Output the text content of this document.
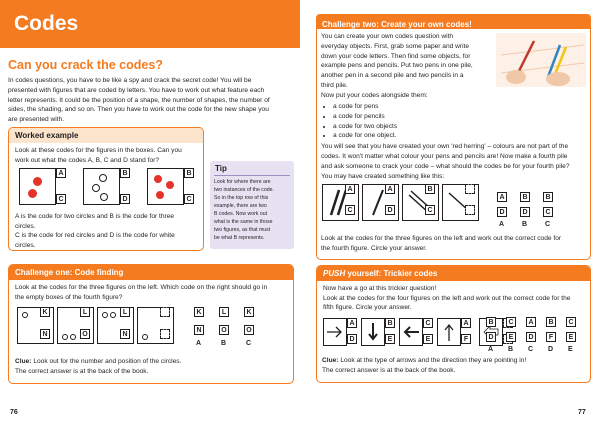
Codes
Can you crack the codes?
In codes questions, you have to be like a spy and crack the secret code! You will be
presented with figures that are coded by letters. You have to work out what feature each
letter represents. It could be the position of a shape, the number of shapes, the number of
sides, the shading, and so on. Then you have to work out the code for the new shape you
are presented with.
Worked example
Look at these codes for the figures in the boxes. Can you
work out what the codes A, B, C and D stand for?
A
C
B
D
B
C
A is the code for two circles and B is the code for three
circles.
C is the code for red circles and D is the code for white
circles.
Tip
Look for where there are
two instances of the code.
So in the top row of this
example, there are two
B codes. Now work out
what is the same in those
two figures, as that must
be what B represents.
Challenge one: Code finding
Look at the codes for the three figures on the left. Which code on the right should go in
the empty boxes of the fourth figure?
K
N
L
O
L
N
K
N
A
L
O
B
K
O
C
Clue: Look out for the number and position of the circles.
The correct answer is at the back of the book.
76
Challenge two: Create your own codes!
You can create your own codes question with
everyday objects. First, grab some paper and write
down your code letters. Then find some objects, for
example pens and pencils. Put two pens in one pile,
another pen in a second pile and two pencils in a
third pile.
Now put your codes alongside them:
• a code for pens
• a code for pencils
• a code for two objects
• a code for one object.
You will see that you have created your own 'red herring' – colours are not part of the
codes. It won't matter what colour your pens and pencils are! Now make a fourth pile
and ask someone to crack your code – what should the codes be for your fourth pile?
You may have created something like this:
A
C
A
D
B
C
A
D
A
B
D
B
B
C
C
Look at the codes for the three figures on the left and work out the correct code for
the fourth figure. Circle your answer.
PUSH yourself: Trickier codes
Now have a go at this trickier question!
Look at the codes for the four figures on the left and work out the correct code for the
fifth figure. Circle your answer.
A
D
B
E
C
E
A
F
B
D
A
C
E
B
A
D
C
B
F
D
C
E
E
Clue: Look at the type of arrows and the direction they are pointing in!
The correct answer is at the back of the book.
77
